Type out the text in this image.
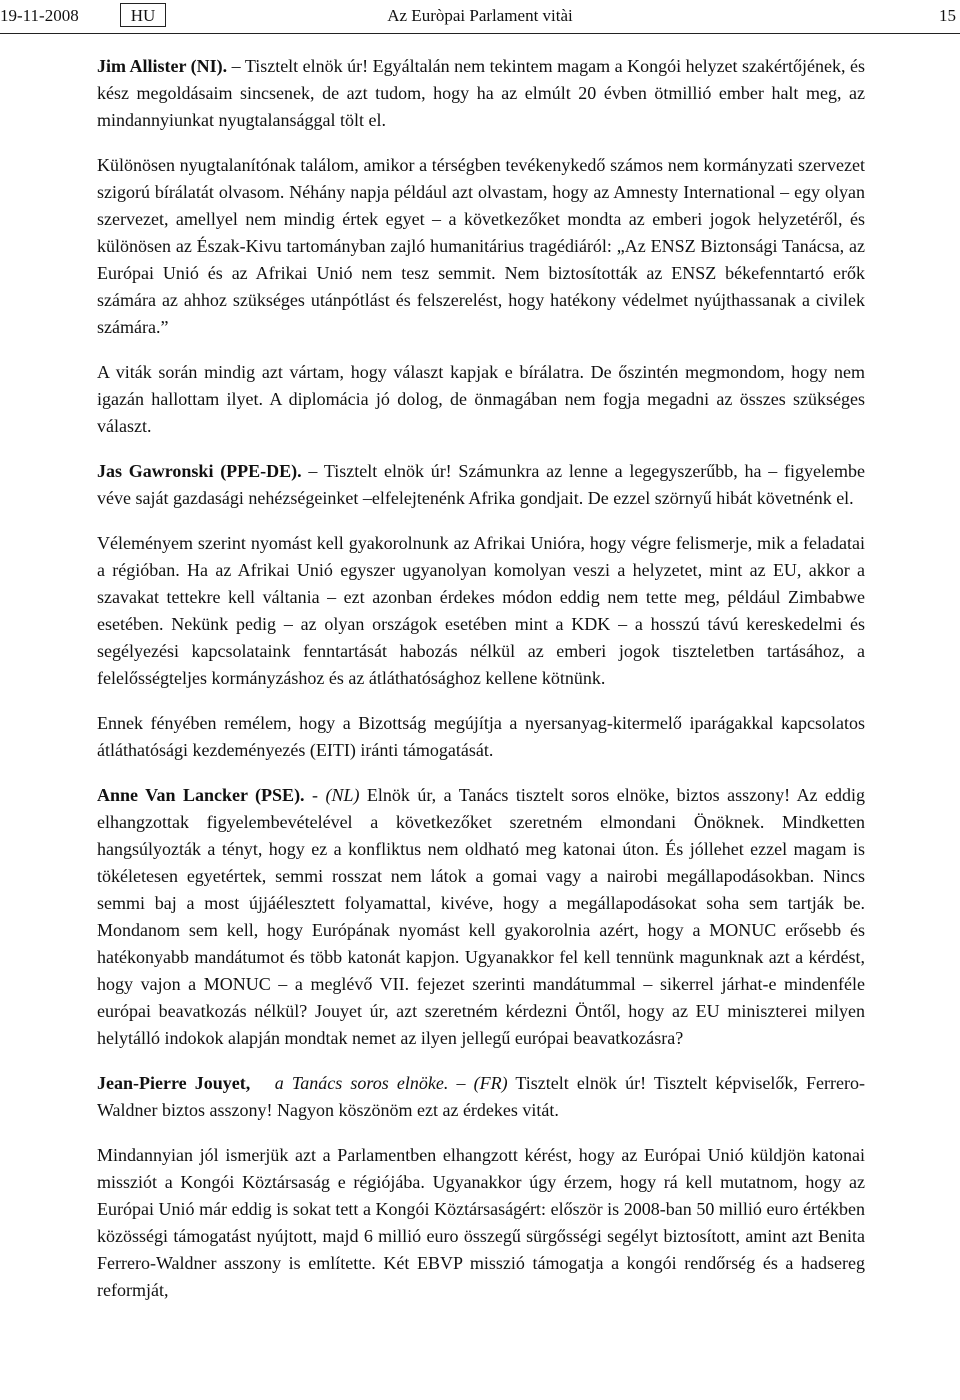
19-11-2008	HU	Az Euròpai Parlament vitài	15

Jim Allister (NI). – Tisztelt elnök úr! Egyáltalán nem tekintem magam a Kongói helyzet szakértőjének, és kész megoldásaim sincsenek, de azt tudom, hogy ha az elmúlt 20 évben ötmillió ember halt meg, az mindannyiunkat nyugtalansággal tölt el.

Különösen nyugtalanítónak találom, amikor a térségben tevékenykedő számos nem kormányzati szervezet szigorú bírálatát olvasom. Néhány napja például azt olvastam, hogy az Amnesty International – egy olyan szervezet, amellyel nem mindig értek egyet – a következőket mondta az emberi jogok helyzetéről, és különösen az Észak-Kivu tartományban zajló humanitárius tragédiáról: „Az ENSZ Biztonsági Tanácsa, az Európai Unió és az Afrikai Unió nem tesz semmit. Nem biztosították az ENSZ békefenntartó erők számára az ahhoz szükséges utánpótlást és felszerelést, hogy hatékony védelmet nyújthassanak a civilek számára.”

A viták során mindig azt vártam, hogy választ kapjak e bírálatra. De őszintén megmondom, hogy nem igazán hallottam ilyet. A diplomácia jó dolog, de önmagában nem fogja megadni az összes szükséges választ.

Jas Gawronski (PPE-DE). – Tisztelt elnök úr! Számunkra az lenne a legegyszerűbb, ha – figyelembe véve saját gazdasági nehézségeinket –elfelejtenénk Afrika gondjait. De ezzel szörnyű hibát követnénk el.

Véleményem szerint nyomást kell gyakorolnunk az Afrikai Unióra, hogy végre felismerje, mik a feladatai a régióban. Ha az Afrikai Unió egyszer ugyanolyan komolyan veszi a helyzetet, mint az EU, akkor a szavakat tettekre kell váltania – ezt azonban érdekes módon eddig nem tette meg, például Zimbabwe esetében. Nekünk pedig – az olyan országok esetében mint a KDK – a hosszú távú kereskedelmi és segélyezési kapcsolataink fenntartását habozás nélkül az emberi jogok tiszteletben tartásához, a felelősségteljes kormányzáshoz és az átláthatósághoz kellene kötnünk.

Ennek fényében remélem, hogy a Bizottság megújítja a nyersanyag-kitermelő iparágakkal kapcsolatos átláthatósági kezdeményezés (EITI) iránti támogatását.

Anne Van Lancker (PSE). - (NL) Elnök úr, a Tanács tisztelt soros elnöke, biztos asszony! Az eddig elhangzottak figyelembevételével a következőket szeretném elmondani Önöknek. Mindketten hangsúlyozták a tényt, hogy ez a konfliktus nem oldható meg katonai úton. És jóllehet ezzel magam is tökéletesen egyetértek, semmi rosszat nem látok a gomai vagy a nairobi megállapodásokban. Nincs semmi baj a most újjáélesztett folyamattal, kivéve, hogy a megállapodásokat soha sem tartják be. Mondanom sem kell, hogy Európának nyomást kell gyakorolnia azért, hogy a MONUC erősebb és hatékonyabb mandátumot és több katonát kapjon. Ugyanakkor fel kell tennünk magunknak azt a kérdést, hogy vajon a MONUC – a meglévő VII. fejezet szerinti mandátummal – sikerrel járhat-e mindenféle európai beavatkozás nélkül? Jouyet úr, azt szeretném kérdezni Öntől, hogy az EU miniszterei milyen helytálló indokok alapján mondtak nemet az ilyen jellegű európai beavatkozásra?

Jean-Pierre Jouyet,   a Tanács soros elnöke. – (FR) Tisztelt elnök úr! Tisztelt képviselők, Ferrero-Waldner biztos asszony! Nagyon köszönöm ezt az érdekes vitát.

Mindannyian jól ismerjük azt a Parlamentben elhangzott kérést, hogy az Európai Unió küldjön katonai missziót a Kongói Köztársaság e régiójába. Ugyanakkor úgy érzem, hogy rá kell mutatnom, hogy az Európai Unió már eddig is sokat tett a Kongói Köztársaságért: először is 2008-ban 50 millió euro értékben közösségi támogatást nyújtott, majd 6 millió euro összegű sürgősségi segélyt biztosított, amint azt Benita Ferrero-Waldner asszony is említette. Két EBVP misszió támogatja a kongói rendőrség és a hadsereg reformját,
